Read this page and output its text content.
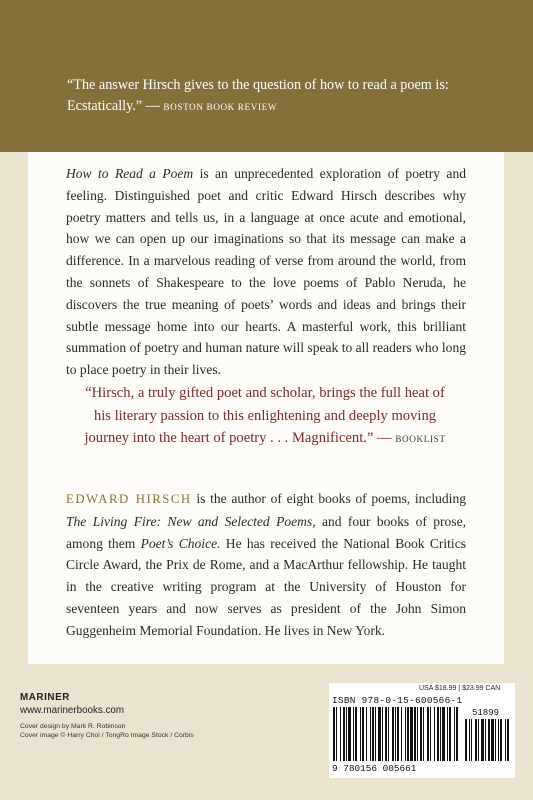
“The answer Hirsch gives to the question of how to read a poem is: Ecstatically.” — BOSTON BOOK REVIEW

How to Read a Poem is an unprecedented exploration of poetry and feeling. Distinguished poet and critic Edward Hirsch describes why poetry matters and tells us, in a language at once acute and emotional, how we can open up our imaginations so that its message can make a difference. In a marvelous reading of verse from around the world, from the sonnets of Shakespeare to the love poems of Pablo Neruda, he discovers the true meaning of poets’ words and ideas and brings their subtle message home into our hearts. A masterful work, this brilliant summation of poetry and human nature will speak to all readers who long to place poetry in their lives.

“Hirsch, a truly gifted poet and scholar, brings the full heat of his literary passion to this enlightening and deeply moving journey into the heart of poetry . . . Magnificent.” — BOOKLIST
EDWARD HIRSCH is the author of eight books of poems, including The Living Fire: New and Selected Poems, and four books of prose, among them Poet’s Choice. He has received the National Book Critics Circle Award, the Prix de Rome, and a MacArthur fellowship. He taught in the creative writing program at the University of Houston for seventeen years and now serves as president of the John Simon Guggenheim Memorial Foundation. He lives in New York.
MARINER
www.marinerbooks.com
Cover design by Mark R. Robinson
Cover image © Harry Choi / TongRo Image Stock / Corbis
USA $18.99 | $23.99 CAN
ISBN 978-0-15-600566-1
51899
9 780156 005661
